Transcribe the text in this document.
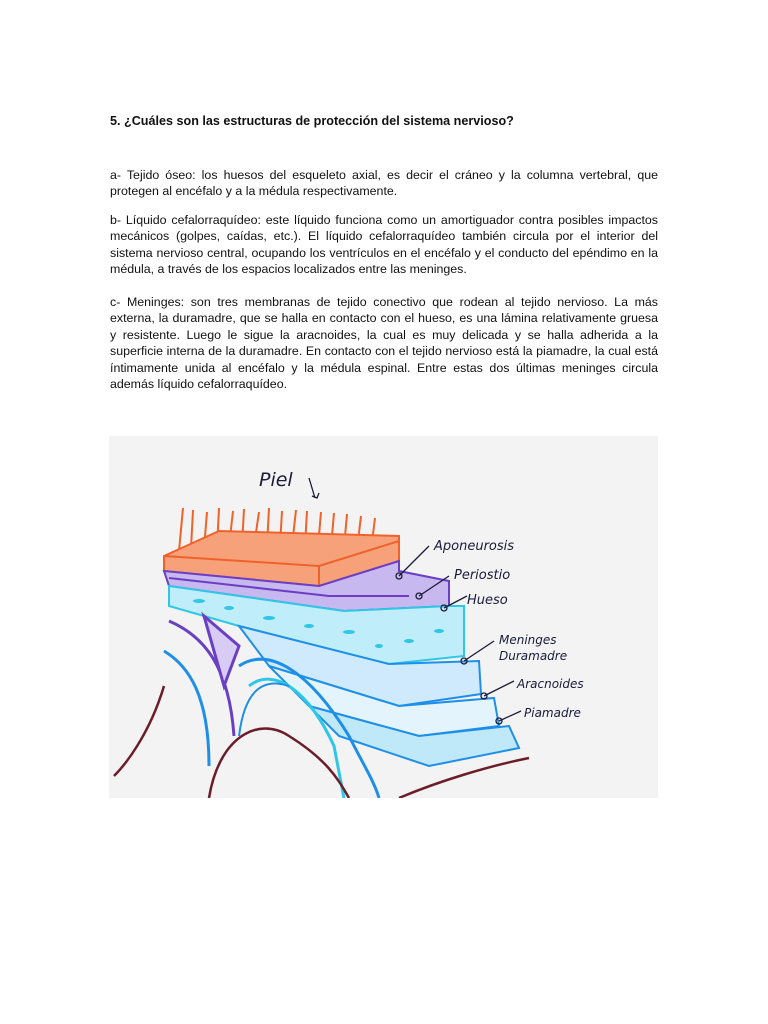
5. ¿Cuáles son las estructuras de protección del sistema nervioso?

a- Tejido óseo: los huesos del esqueleto axial, es decir el cráneo y la columna vertebral, que protegen al encéfalo y a la médula respectivamente.

b- Líquido cefalorraquídeo: este líquido funciona como un amortiguador contra posibles impactos mecánicos (golpes, caídas, etc.). El líquido cefalorraquídeo también circula por el interior del sistema nervioso central, ocupando los ventrículos en el encéfalo y el conducto del epéndimo en la médula, a través de los espacios localizados entre las meninges.

c- Meninges: son tres membranas de tejido conectivo que rodean al tejido nervioso. La más externa, la duramadre, que se halla en contacto con el hueso, es una lámina relativamente gruesa y resistente. Luego le sigue la aracnoides, la cual es muy delicada y se halla adherida a la superficie interna de la duramadre. En contacto con el tejido nervioso está la piamadre, la cual está íntimamente unida al encéfalo y la médula espinal. Entre estas dos últimas meninges circula además líquido cefalorraquídeo.

Piel
Aponeurosis
Periostio
Hueso
Meninges
Duramadre
Aracnoides
Piamadre
